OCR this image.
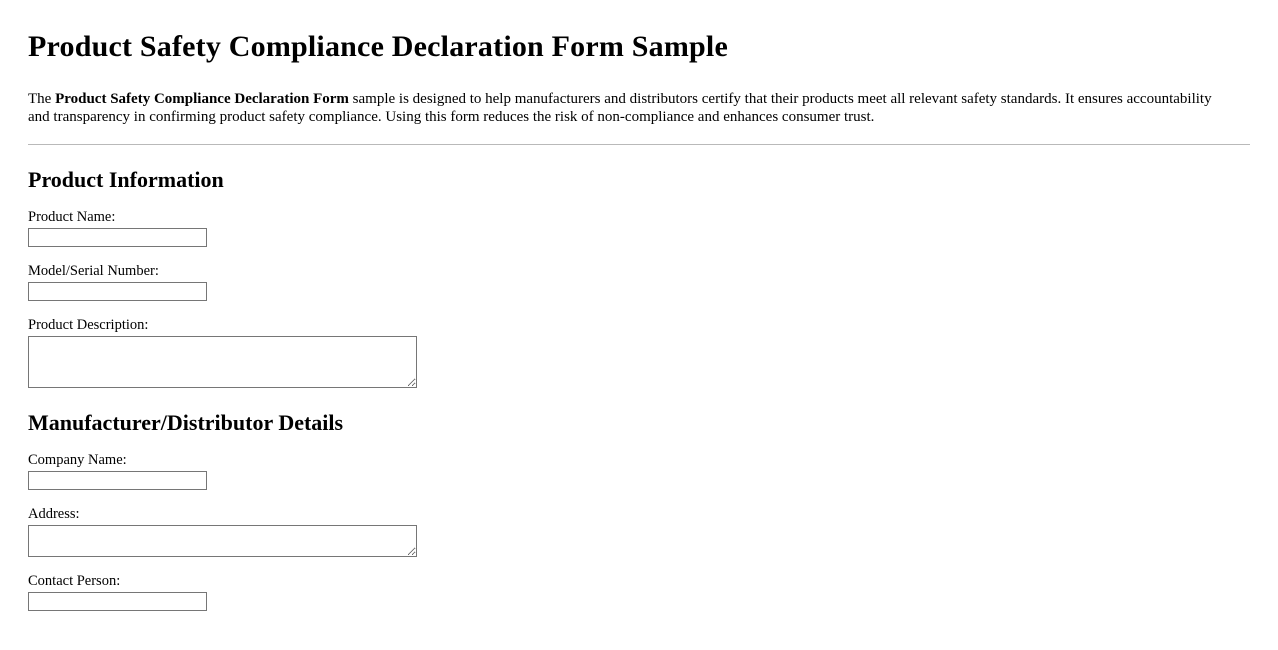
Product Safety Compliance Declaration Form Sample

The Product Safety Compliance Declaration Form sample is designed to help manufacturers and distributors certify that their products meet all relevant safety standards. It ensures accountability and transparency in confirming product safety compliance. Using this form reduces the risk of non-compliance and enhances consumer trust.

Product Information
Product Name:
Model/Serial Number:
Product Description:
Manufacturer/Distributor Details
Company Name:
Address:
Contact Person:
